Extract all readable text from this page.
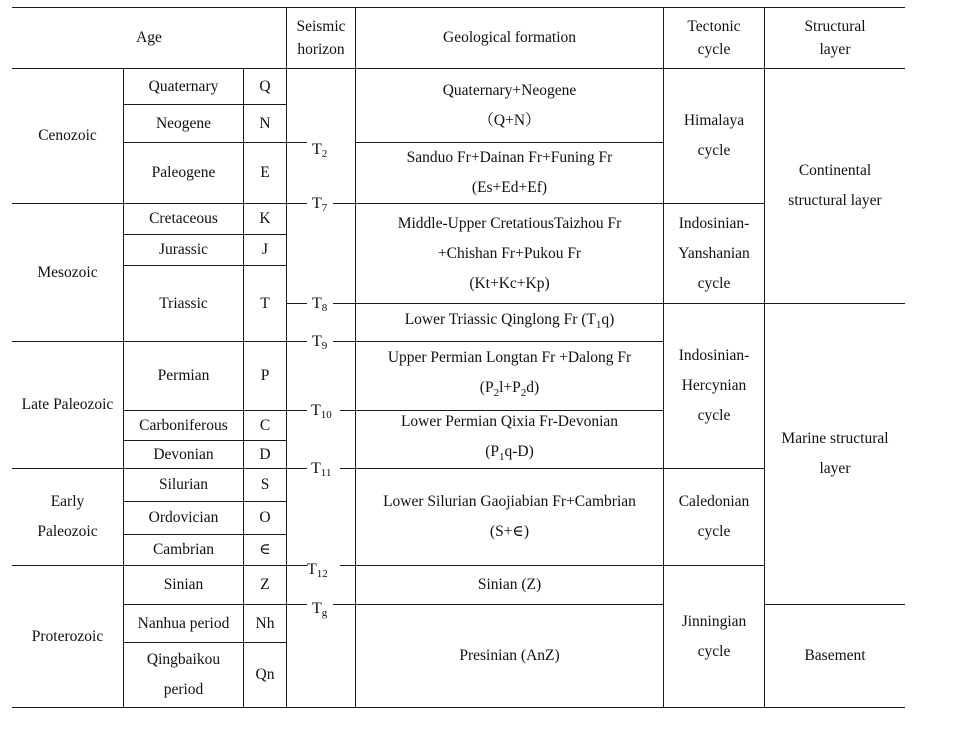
Age
Seismic
horizon
Geological formation
Tectonic
cycle
Structural
layer
Cenozoic
Mesozoic
Late Paleozoic
Early
Paleozoic
Proterozoic
Quaternary
Neogene
Paleogene
Cretaceous
Jurassic
Triassic
Permian
Carboniferous
Devonian
Silurian
Ordovician
Cambrian
Sinian
Nanhua period
Qingbaikou
period
Q
N
E
K
J
T
P
C
D
S
O
∈
Z
Nh
Qn
$T_2$
$T_7$
$T_8$
$T_9$
$T_{10}$
$T_{11}$
$T_{12}$
$T_g$
Quaternary+Neogene
（Q+N）
Sanduo Fr+Dainan Fr+Funing Fr
(Es+Ed+Ef)
Middle-Upper CretatiousTaizhou Fr
+Chishan Fr+Pukou Fr
(Kt+Kc+Kp)
Lower Triassic Qinglong Fr $(T_1q)$
Upper Permian Longtan Fr +Dalong Fr
$(P_2l+P_2d)$
Lower Permian Qixia Fr-Devonian
$(P_1q-D)$
Lower Silurian Gaojiabian Fr+Cambrian
(S+∈)
Sinian (Z)
Presinian (AnZ)
Himalaya
cycle
Indosinian-
Yanshanian
cycle
Indosinian-
Hercynian
cycle
Caledonian
cycle
Jinningian
cycle
Continental
structural layer
Marine structural
layer
Basement
